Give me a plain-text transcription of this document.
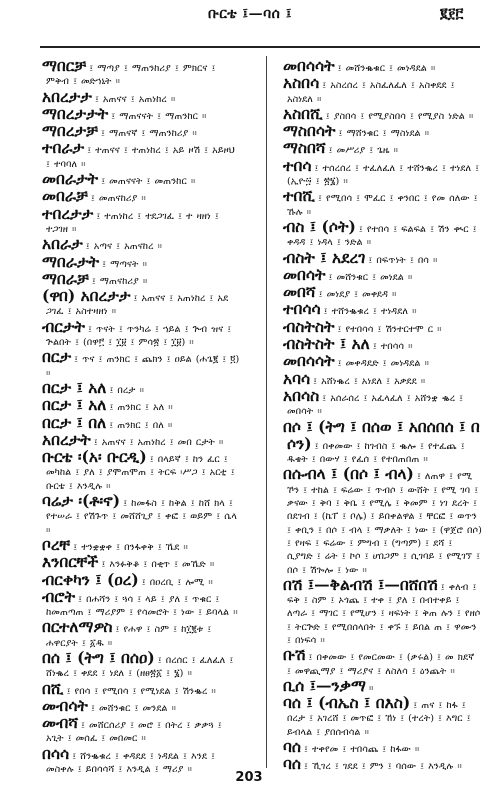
ቡርቴ ፤—ባሰ ፤	፪፻፫

ማበርቻ ፤ ማጣያ ፤ ማጠንከሪያ ፤ ምክርና ፤ ምቅብ ፤ መድኀኒት ።

አበረታታ ፤ አጠናና ፤ አጠነከረ ።

ማበረታታት ፤ ማጠናናት ፤ ማጠንከር ።

ማበረታቻ ፤ ማጠናኛ ፤ ማጠንከሪያ ።

ተበራታ ፤ ተጠናና ፤ ተጠነከረ ፤ አይ ዞሽ ፤ አይዞህ ፤ ተባባለ ።

መበራታት ፤ መጠናናት ፤ መጠንከር ።

መበራቻ ፤ መጠናከሪያ ።

ተበረታታ ፤ ተጠነከረ ፤ ተደጋገፈ ፤ ተ ዛዘነ ፤ ተጋገዘ ።

አበራታ ፤ አጣና ፤ አጠናከረ ።

ማበራታት ፤ ማጣናት ።

ማበራቻ ፤ ማጠናከሪያ ።

(ዋበ) አበረታታ ፤ አጠናና ፤ አጠነከረ ፤ አደ ጋገፈ ፤ አስተዛዘነ ።

ብርታት ፤ ጥናት ፤ ጥንካሬ ፤ ኀይል ፤ ጕብ ዝና ፤ ጕልበት ፤ (በዋ፫ ፤ ፲፱ ፤ ምሳ፳ ፤ ፲፱) ።

በርታ ፤ ጥና ፤ ጠንክር ፤ ጨክን ፤ ዐይል (ሐጌ፪ ፤ ፬) ።

በርታ ፤ አለ ፤ በረታ ።

በርታ ፤ አለ ፤ ጠንክር ፤ አለ ።

በርታ ፤ በለ ፤ ጠንክር ፤ በለ ።

አበረታት ፤ አጠናና ፤ አጠነከረ ፤ መበ ርታት ።

ቡርቴ ፡(አ፡ ቡርዲ) ፤ በላይኛ ፤ ከን ፈር ፤ መካከል ፤ ያለ ፤ ያሞጠሞጠ ፤ ትርፍ ፡ሥጋ ፤ አርቲ ፤ ቡርቴ ፤ እንዲሉ ።

ባሬታ ፡(ቶ፡ኖ) ፤ ከመፋስ ፤ ከቅል ፤ ከሸ ክላ ፤ የተሠራ ፤ የሽጉጥ ፤ መሸሸጊያ ፤ ቀፎ ፤ ወይም ፤ ሴላ ።

ቦረቸ ፤ ተንቋቋቀ ፤ በንፋቀቅ ፤ ኼደ ።

እንበርቸች ፤ እንፉቅቆ ፤ በቂጥ ፤ መኼድ ።

ብርቀካን ፤ (ዐረ) ፤ በዐረቢ ፤ ሎሚ ።

ብሮት ፤ በሐሻን ፤ ጓሳ ፤ ላይ ፤ ያለ ፤ ጥቁር ፤ ከመጠጣጠ ፤ ማሪያም ፤ የሳመሮት ፤ ነው ፤ ይባላል ።

በርተለማዎስ ፤ የሐዋ ፤ ስም ፤ ከ፲፪ቱ ፤ ሐዋርያት ፤ ፩ዱ ።

በሰ ፤ (ትግ ፤ በሰዐ) ፤ በረሰር ፤ ፈለፈለ ፤ ሸነቈረ ፤ ቀደደ ፤ ነደለ ፤ (ዘፀ፳፩ ፤ ፮) ።

በሺ ፤ የበሳ ፤ የሚበሳ ፤ የሚነደል ፤ ሽንቈረ ።

መብሳት ፤ መሸንቁር ፤ መንደል ።

መብሻ ፤ መሸርሰሪያ ፤ መሮ ፤ በትረ ፤ ቃቃጓ ፤ አጊት ፤ መሰፈ ፤ መበመር ።

በሳሳ ፤ ሸንቈቁረ ፤ ቀዳደደ ፤ ነዳደል ፤ እንደ ፤ መስቀሉ ፤ ይበሳሳሻ ፤ እንዲል ፤ ማሪያ ።

መበሳሳት ፤ መሸንቈቁር ፤ መነዳደል ።

አስበሳ ፤ አስረሰረ ፤ አስፈለፈለ ፤ አስቀደደ ፤ አስነደለ ።

አስበሺ ፤ ያስበሳ ፤ የሚያስበሳ ፤ የሚያስ ነድል ።

ማስበሳት ፤ ማሸንቁር ፤ ማስነደል ።

ማስበሻ ፤ መሥሪያ ፤ ጌዜ ።

ተበሳ ፤ ተሰረሰረ ፤ ተፈለፈለ ፤ ተሸንቈረ ፤ ተነደለ ፤ (ኢዮ፵ ፤ ፳፮) ።

ተበሺ ፤ የሚበሳ ፤ ሞፈር ፤ ቀንበር ፤ የመ ሰለው ፤ ኹሉ ።

ብስ ፤ (ሶት) ፤ የተበሳ ፤ ፍልፍል ፤ ሽን ቊር ፤ ቀዳዳ ፤ ነዳላ ፤ ንድል ።

ብስት ፤ አደረገ ፤ በፍጥነት ፤ በሳ ።

መበሳት ፤ መሸንቁር ፤ መነደል ።

መበሻ ፤ መነደያ ፤ መቀደዳ ።

ተበሳሳ ፤ ተሸንቈቁረ ፤ ተነዳደለ ።

ብስትስት ፤ የተበሳሳ ፤ ሽንተርተሞ ር ።

ብስትስት ፤ አለ ፤ ተበሳሳ ።

መበሳሳት ፤ መቀዳደድ ፤ መነዳደል ።

አባሳ ፤ አሸነቈረ ፤ አነደለ ፤ አቃደደ ።

አበሳስ ፤ አሰራሰረ ፤ አፈላፈለ ፤ አሸንቋ ቈረ ፤ መበሳት ።

በሶ ፤ (ትግ ፤ በሰወ ፤ አበሰበሰ ፤ በ ሶን) ፤ በቀመው ፤ ከገብስ ፤ ቈሎ ፤ የተፈጨ ፤ ዱቄት ፤ በውሃ ፤ የፈሰ ፤ የተበጠበጠ ።

በሱብላ ፤ (በሶ ፤ ብላ) ፤ ለጠዋ ፤ የሚ ኾን ፤ ተከል ፤ ፍሬው ፤ ጥብሶ ፤ ውሸት ፤ የሚ ገባ ፤ ቃናው ፤ ቅባ ፤ ቅቤ ፤ የሚሌ ፤ ቅመም ፤ ነገ ደረት ፤ በደገብ ፤ (ኬፐ ፤ ቦሌ) ፤ ይበቀልዋል ፤ ቸርፎ ፤ ወጥን ፤ ቀቢን ፤ በሶ ፤ ብላ ፤ ማቃለት ፤ ነው ፤ (ዋጀሮ በሶ) ፤ የዛፍ ፤ ፍሬው ፤ ምግብ ፤ (ግጣም) ፤ ደሻ ፤ ሲያግድ ፤ ሬት ፤ ኮሶ ፤ ሆበጋም ፤ ሲገባይ ፤ የሚገኘ ፤ በሶ ፤ ሽጐሎ ፤ ነው ።

በሽ ፤—ቅልብሽ ፤—በሸበሽ ፤ ቀለብ ፤ ፍቅ ፤ ስም ፤ ኦጎጨ ፤ ተቀ ፤ ያለ ፤ በብተቀይ ፤ ለጣራ ፤ ማገር ፤ የሚሆን ፤ ዛፍነት ፤ ቅጠ ሉን ፤ የዘሶ ፤ ትርጕድ ፤ የሚበሰላበት ፤ ቀኙ ፤ ይበል ጠ ፤ ዋሙን ፤ በነፍሳ ።

ቡሽ ፤ በቀመው ፤ የመርመው ፤ (ቃሩል) ፤ መ ክደኛ ፤ መዋጪማያ ፤ ማሪያና ፤ ለስለሳ ፤ ዕንጨት ።

ቢሰ ፤—ንቃማ ።

ባሰ ፤ (ብኤስ ፤ በእስ) ፤ ጠና ፤ ከፋ ፤ በረታ ፤ አገረሸ ፤ መጥፎ ፤ ኸነ ፤ (ተረት) ፤ እግር ፤ ይብላል ፤ ያበሰብሳል ።

ባሰ ፤ ተቀየመ ፤ ተበሳጨ ፤ ከፋው ።

ባሰ ፤ ኺገረ ፤ ገደደ ፤ ምን ፤ ባሰው ፤ እንዲሉ ።

203
